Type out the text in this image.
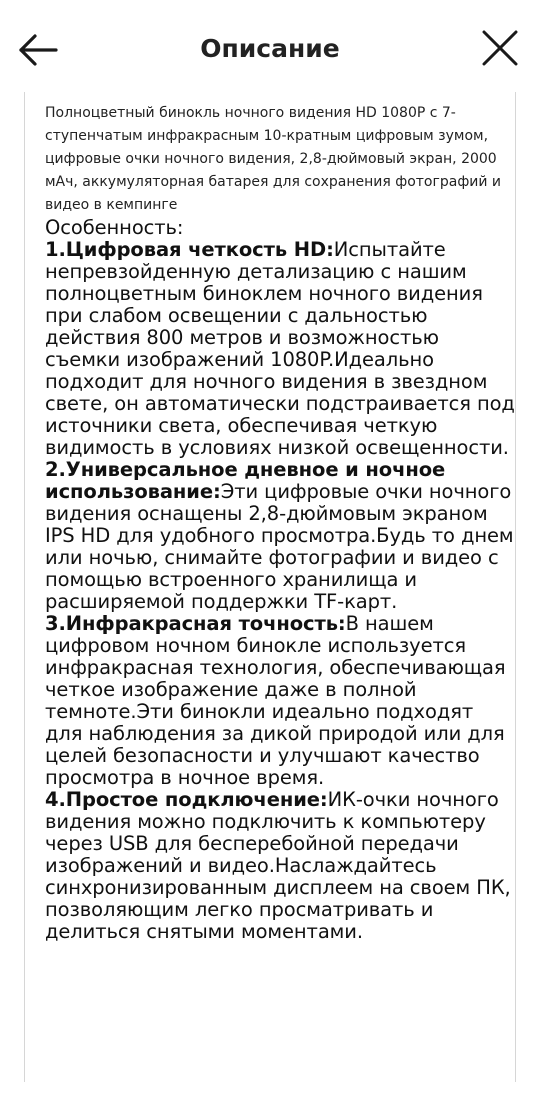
Описание

Полноцветный бинокль ночного видения HD 1080P с 7-ступенчатым инфракрасным 10-кратным цифровым зумом, цифровые очки ночного видения, 2,8-дюймовый экран, 2000 мАч, аккумуляторная батарея для сохранения фотографий и видео в кемпинге

Особенность:
1.Цифровая четкость HD:Испытайте непревзойденную детализацию с нашим полноцветным биноклем ночного видения при слабом освещении с дальностью действия 800 метров и возможностью съемки изображений 1080P.Идеально подходит для ночного видения в звездном свете, он автоматически подстраивается под источники света, обеспечивая четкую видимость в условиях низкой освещенности.
2.Универсальное дневное и ночное использование:Эти цифровые очки ночного видения оснащены 2,8-дюймовым экраном IPS HD для удобного просмотра.Будь то днем или ночью, снимайте фотографии и видео с помощью встроенного хранилища и расширяемой поддержки TF-карт.
3.Инфракрасная точность:В нашем цифровом ночном бинокле используется инфракрасная технология, обеспечивающая четкое изображение даже в полной темноте.Эти бинокли идеально подходят для наблюдения за дикой природой или для целей безопасности и улучшают качество просмотра в ночное время.
4.Простое подключение:ИК-очки ночного видения можно подключить к компьютеру через USB для бесперебойной передачи изображений и видео.Наслаждайтесь синхронизированным дисплеем на своем ПК, позволяющим легко просматривать и делиться снятыми моментами.
